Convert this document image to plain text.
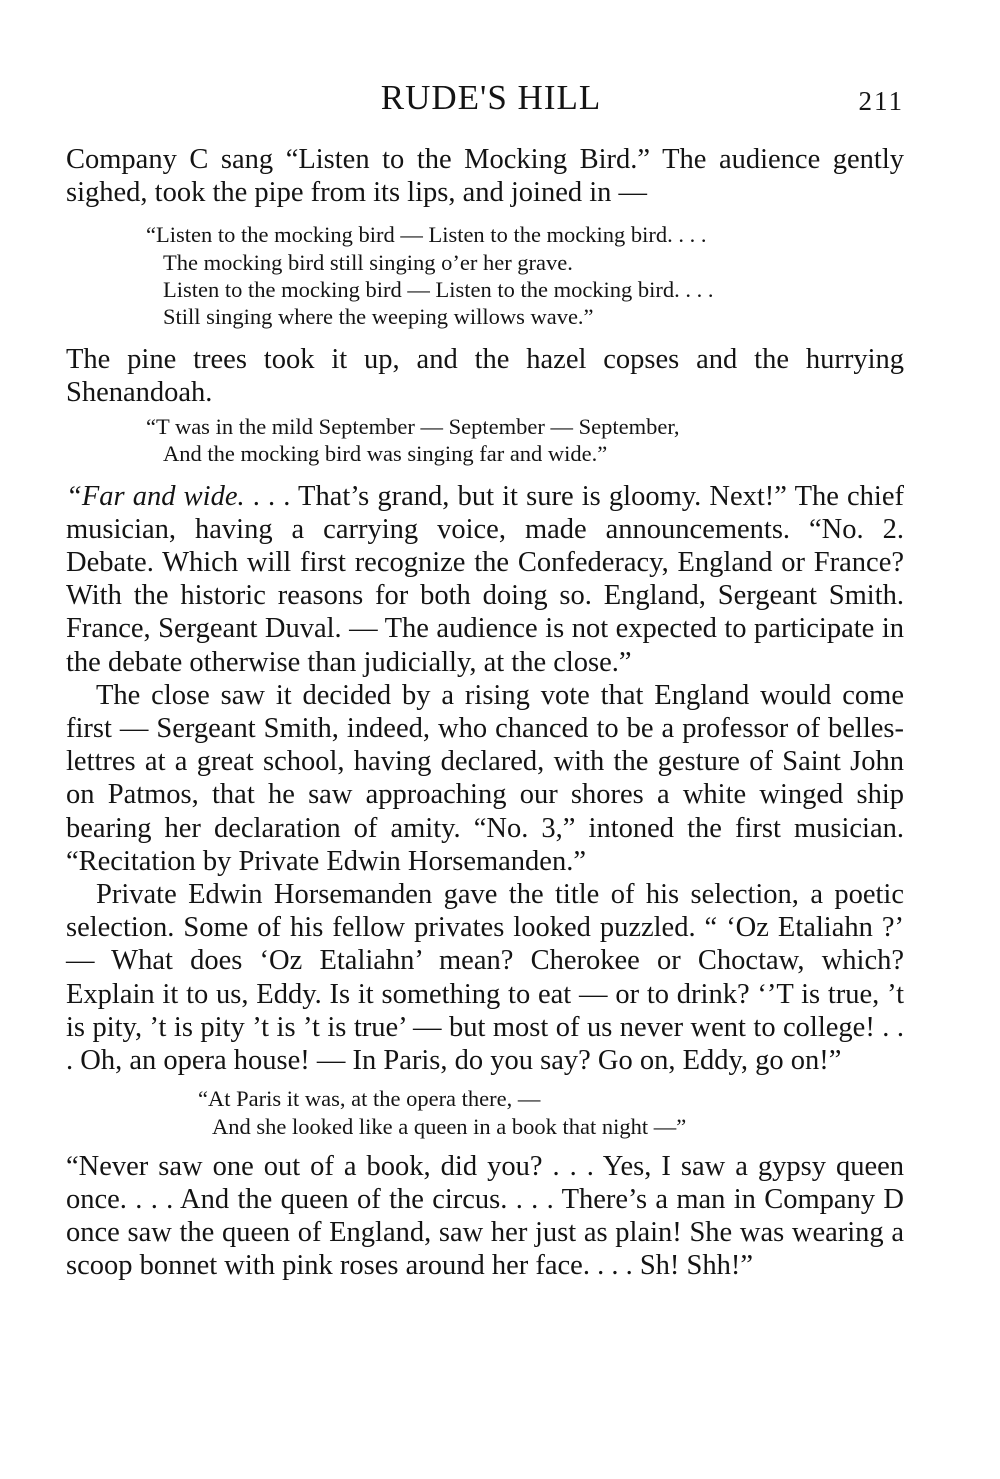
RUDE'S HILL	211

Company C sang “Listen to the Mocking Bird.” The audience gently sighed, took the pipe from its lips, and joined in —

“Listen to the mocking bird — Listen to the mocking bird. . . .
The mocking bird still singing o’er her grave.
Listen to the mocking bird — Listen to the mocking bird. . . .
Still singing where the weeping willows wave.”

The pine trees took it up, and the hazel copses and the hurrying Shenandoah.

“T was in the mild September — September — September,
And the mocking bird was singing far and wide.”

“Far and wide. . . . That’s grand, but it sure is gloomy. Next!” The chief musician, having a carrying voice, made announcements. “No. 2. Debate. Which will first recognize the Confederacy, England or France? With the historic reasons for both doing so. England, Sergeant Smith. France, Sergeant Duval. — The audience is not expected to participate in the debate otherwise than judicially, at the close.”

The close saw it decided by a rising vote that England would come first — Sergeant Smith, indeed, who chanced to be a professor of belles-lettres at a great school, having declared, with the gesture of Saint John on Patmos, that he saw approaching our shores a white winged ship bearing her declaration of amity. “No. 3,” intoned the first musician. “Recitation by Private Edwin Horsemanden.”

Private Edwin Horsemanden gave the title of his selection, a poetic selection. Some of his fellow privates looked puzzled. “ ‘Oz Etaliahn ?’ — What does ‘Oz Etaliahn’ mean? Cherokee or Choctaw, which? Explain it to us, Eddy. Is it something to eat — or to drink? ‘’T is true, ’t is pity, ’t is pity ’t is ’t is true’ — but most of us never went to college! . . . Oh, an opera house! — In Paris, do you say? Go on, Eddy, go on!”

“At Paris it was, at the opera there, —
And she looked like a queen in a book that night —”

“Never saw one out of a book, did you? . . . Yes, I saw a gypsy queen once. . . . And the queen of the circus. . . . There’s a man in Company D once saw the queen of England, saw her just as plain! She was wearing a scoop bonnet with pink roses around her face. . . . Sh! Shh!”
